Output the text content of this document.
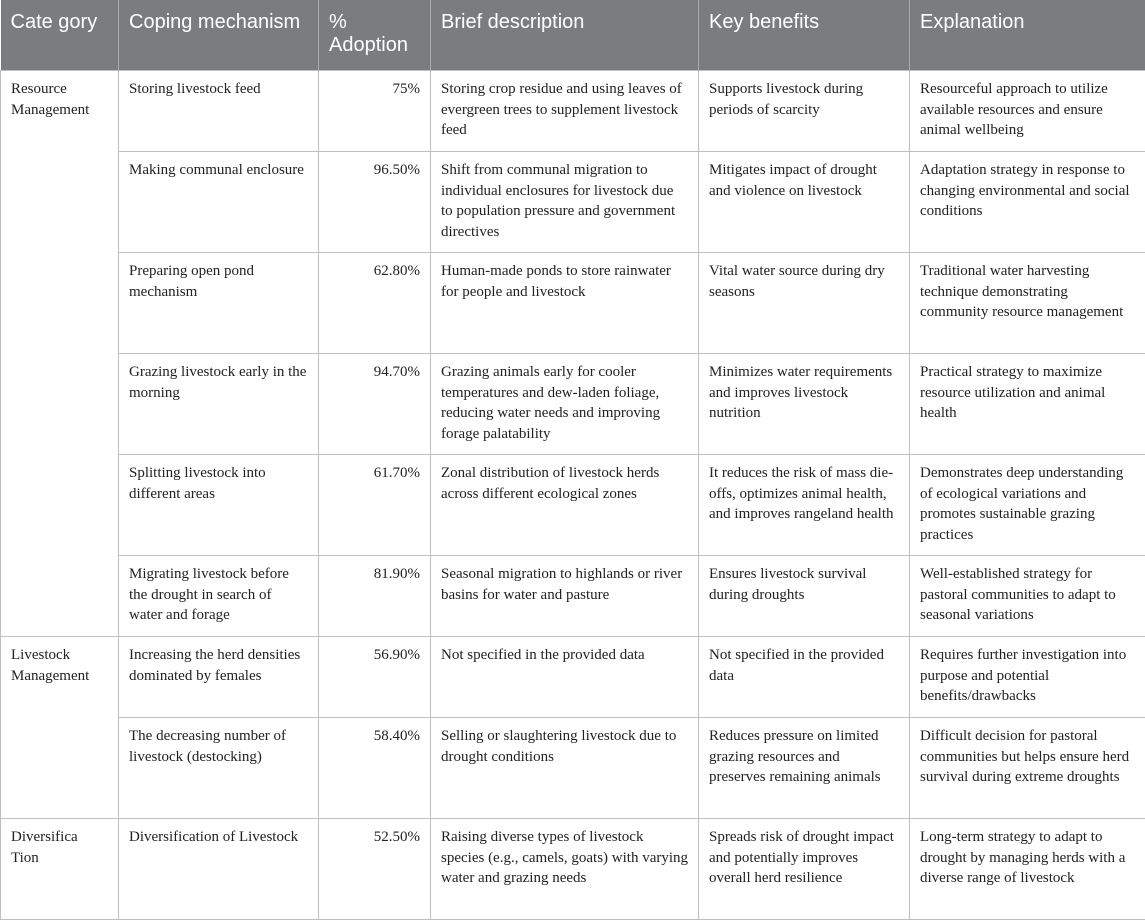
Cate gory	Coping mechanism	% Adoption	Brief description	Key benefits	Explanation
Resource Management	Storing livestock feed	75%	Storing crop residue and using leaves of evergreen trees to supplement livestock feed	Supports livestock during periods of scarcity	Resourceful approach to utilize available resources and ensure animal wellbeing
	Making communal enclosure	96.50%	Shift from communal migration to individual enclosures for livestock due to population pressure and government directives	Mitigates impact of drought and violence on livestock	Adaptation strategy in response to changing environmental and social conditions
	Preparing open pond mechanism	62.80%	Human-made ponds to store rainwater for people and livestock	Vital water source during dry seasons	Traditional water harvesting technique demonstrating community resource management
	Grazing livestock early in the morning	94.70%	Grazing animals early for cooler temperatures and dew-laden foliage, reducing water needs and improving forage palatability	Minimizes water requirements and improves livestock nutrition	Practical strategy to maximize resource utilization and animal health
	Splitting livestock into different areas	61.70%	Zonal distribution of livestock herds across different ecological zones	It reduces the risk of mass die-offs, optimizes animal health, and improves rangeland health	Demonstrates deep understanding of ecological variations and promotes sustainable grazing practices
	Migrating livestock before the drought in search of water and forage	81.90%	Seasonal migration to highlands or river basins for water and pasture	Ensures livestock survival during droughts	Well-established strategy for pastoral communities to adapt to seasonal variations
Livestock Management	Increasing the herd densities dominated by females	56.90%	Not specified in the provided data	Not specified in the provided data	Requires further investigation into purpose and potential benefits/drawbacks
	The decreasing number of livestock (destocking)	58.40%	Selling or slaughtering livestock due to drought conditions	Reduces pressure on limited grazing resources and preserves remaining animals	Difficult decision for pastoral communities but helps ensure herd survival during extreme droughts
Diversifica Tion	Diversification of Livestock	52.50%	Raising diverse types of livestock species (e.g., camels, goats) with varying water and grazing needs	Spreads risk of drought impact and potentially improves overall herd resilience	Long-term strategy to adapt to drought by managing herds with a diverse range of livestock
